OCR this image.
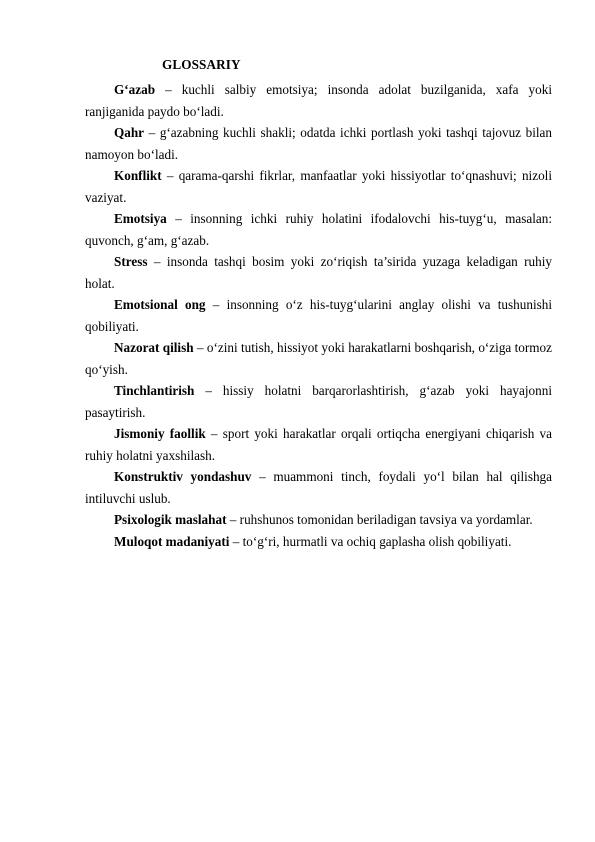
GLOSSARIY

G‘azab – kuchli salbiy emotsiya; insonda adolat buzilganida, xafa yoki ranjiganida paydo bo‘ladi.

Qahr – g‘azabning kuchli shakli; odatda ichki portlash yoki tashqi tajovuz bilan namoyon bo‘ladi.

Konflikt – qarama-qarshi fikrlar, manfaatlar yoki hissiyotlar to‘qnashuvi; nizoli vaziyat.

Emotsiya – insonning ichki ruhiy holatini ifodalovchi his-tuyg‘u, masalan: quvonch, g‘am, g‘azab.

Stress – insonda tashqi bosim yoki zo‘riqish ta’sirida yuzaga keladigan ruhiy holat.

Emotsional ong – insonning o‘z his-tuyg‘ularini anglay olishi va tushunishi qobiliyati.

Nazorat qilish – o‘zini tutish, hissiyot yoki harakatlarni boshqarish, o‘ziga tormoz qo‘yish.

Tinchlantirish – hissiy holatni barqarorlashtirish, g‘azab yoki hayajonni pasaytirish.

Jismoniy faollik – sport yoki harakatlar orqali ortiqcha energiyani chiqarish va ruhiy holatni yaxshilash.

Konstruktiv yondashuv – muammoni tinch, foydali yo‘l bilan hal qilishga intiluvchi uslub.

Psixologik maslahat – ruhshunos tomonidan beriladigan tavsiya va yordamlar.

Muloqot madaniyati – to‘g‘ri, hurmatli va ochiq gaplasha olish qobiliyati.
